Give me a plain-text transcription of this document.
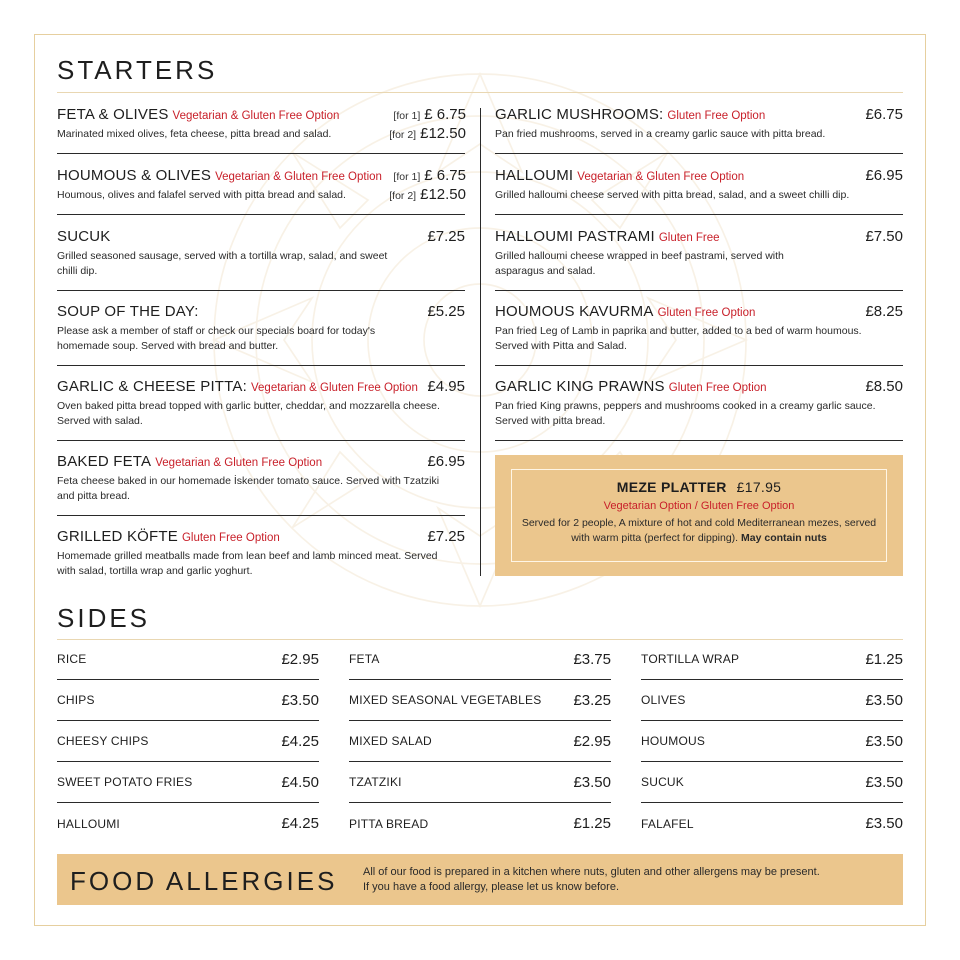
STARTERS
FETA & OLIVES Vegetarian & Gluten Free Option
Marinated mixed olives, feta cheese, pitta bread and salad.
[for 1] £ 6.75
[for 2] £12.50
HOUMOUS & OLIVES Vegetarian & Gluten Free Option
Houmous, olives and falafel served with pitta bread and salad.
[for 1] £ 6.75
[for 2] £12.50
SUCUK	£7.25
Grilled seasoned sausage, served with a tortilla wrap, salad, and sweet chilli dip.
SOUP OF THE DAY:	£5.25
Please ask a member of staff or check our specials board for today's homemade soup. Served with bread and butter.
GARLIC & CHEESE PITTA: Vegetarian & Gluten Free Option £4.95
Oven baked pitta bread topped with garlic butter, cheddar, and mozzarella cheese. Served with salad.
BAKED FETA Vegetarian & Gluten Free Option	£6.95
Feta cheese baked in our homemade İskender tomato sauce. Served with Tzatziki and pitta bread.
GRILLED KÖFTE Gluten Free Option	£7.25
Homemade grilled meatballs made from lean beef and lamb minced meat. Served with salad, tortilla wrap and garlic yoghurt.
GARLIC MUSHROOMS: Gluten Free Option	£6.75
Pan fried mushrooms, served in a creamy garlic sauce with pitta bread.
HALLOUMI Vegetarian & Gluten Free Option	£6.95
Grilled halloumi cheese served with pitta bread, salad, and a sweet chilli dip.
HALLOUMI PASTRAMI Gluten Free	£7.50
Grilled halloumi cheese wrapped in beef pastrami, served with asparagus and salad.
HOUMOUS KAVURMA Gluten Free Option	£8.25
Pan fried Leg of Lamb in paprika and butter, added to a bed of warm houmous. Served with Pitta and Salad.
GARLIC KING PRAWNS Gluten Free Option	£8.50
Pan fried King prawns, peppers and mushrooms cooked in a creamy garlic sauce. Served with pitta bread.
MEZE PLATTER £17.95
Vegetarian Option / Gluten Free Option
Served for 2 people, A mixture of hot and cold Mediterranean mezes, served with warm pitta (perfect for dipping). May contain nuts
SIDES
RICE	£2.95
CHIPS	£3.50
CHEESY CHIPS	£4.25
SWEET POTATO FRIES	£4.50
HALLOUMI	£4.25
FETA	£3.75
MIXED SEASONAL VEGETABLES £3.25
MIXED SALAD	£2.95
TZATZIKI	£3.50
PITTA BREAD	£1.25
TORTILLA WRAP	£1.25
OLIVES	£3.50
HOUMOUS	£3.50
SUCUK	£3.50
FALAFEL	£3.50
FOOD ALLERGIES All of our food is prepared in a kitchen where nuts, gluten and other allergens may be present.
If you have a food allergy, please let us know before.
